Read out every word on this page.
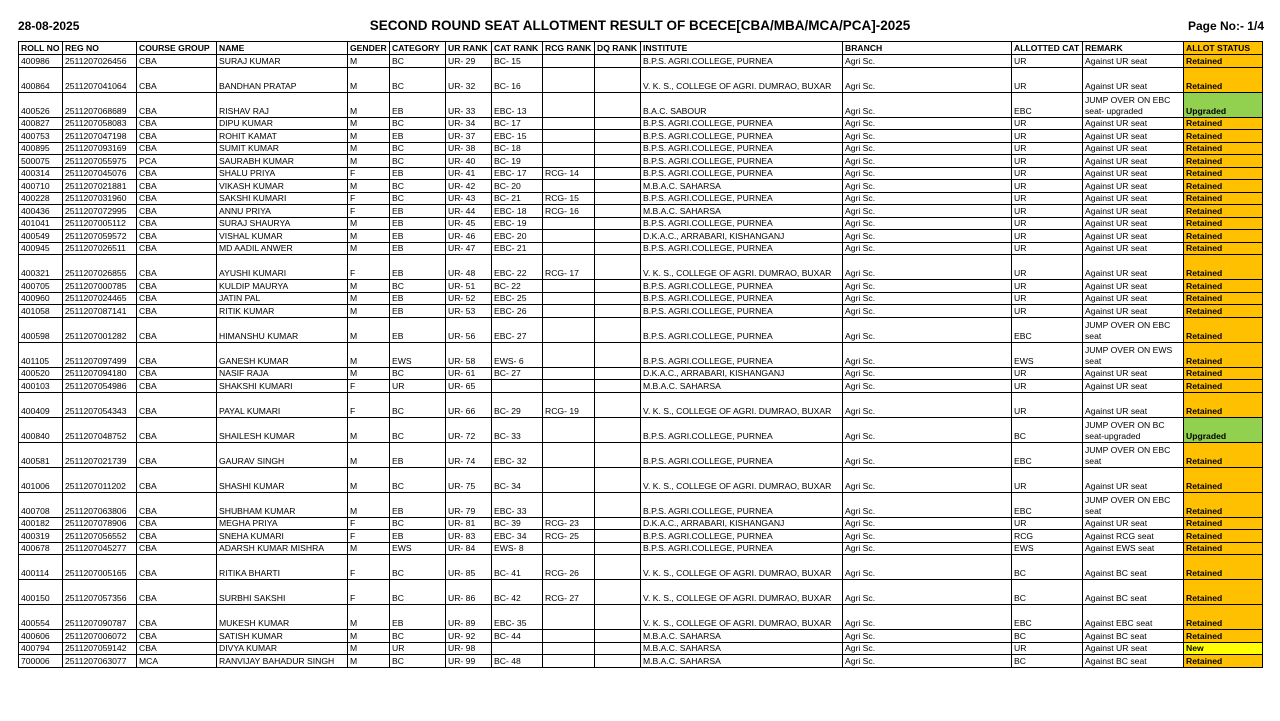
28-08-2025	SECOND ROUND SEAT ALLOTMENT RESULT OF BCECE[CBA/MBA/MCA/PCA]-2025	Page No:- 1/4
ROLL NO	REG NO	COURSE GROUP	NAME	GENDER	CATEGORY	UR RANK	CAT RANK	RCG RANK	DQ RANK	INSTITUTE	BRANCH	ALLOTTED CAT	REMARK	ALLOT STATUS
400986	2511207026456	CBA	SURAJ KUMAR	M	BC	UR- 29	BC- 15			B.P.S. AGRI.COLLEGE, PURNEA	Agri Sc.	UR	Against UR seat	Retained
400864	2511207041064	CBA	BANDHAN PRATAP	M	BC	UR- 32	BC- 16			V. K. S., COLLEGE OF AGRI. DUMRAO, BUXAR	Agri Sc.	UR	Against UR seat	Retained
400526	2511207068689	CBA	RISHAV RAJ	M	EB	UR- 33	EBC- 13			B.A.C. SABOUR	Agri Sc.	EBC	JUMP OVER ON EBC seat- upgraded	Upgraded
400827	2511207058083	CBA	DIPU KUMAR	M	BC	UR- 34	BC- 17			B.P.S. AGRI.COLLEGE, PURNEA	Agri Sc.	UR	Against UR seat	Retained
400753	2511207047198	CBA	ROHIT KAMAT	M	EB	UR- 37	EBC- 15			B.P.S. AGRI.COLLEGE, PURNEA	Agri Sc.	UR	Against UR seat	Retained
400895	2511207093169	CBA	SUMIT KUMAR	M	BC	UR- 38	BC- 18			B.P.S. AGRI.COLLEGE, PURNEA	Agri Sc.	UR	Against UR seat	Retained
500075	2511207055975	PCA	SAURABH KUMAR	M	BC	UR- 40	BC- 19			B.P.S. AGRI.COLLEGE, PURNEA	Agri Sc.	UR	Against UR seat	Retained
400314	2511207045076	CBA	SHALU PRIYA	F	EB	UR- 41	EBC- 17	RCG- 14		B.P.S. AGRI.COLLEGE, PURNEA	Agri Sc.	UR	Against UR seat	Retained
400710	2511207021881	CBA	VIKASH KUMAR	M	BC	UR- 42	BC- 20			M.B.A.C. SAHARSA	Agri Sc.	UR	Against UR seat	Retained
400228	2511207031960	CBA	SAKSHI KUMARI	F	BC	UR- 43	BC- 21	RCG- 15		B.P.S. AGRI.COLLEGE, PURNEA	Agri Sc.	UR	Against UR seat	Retained
400436	2511207072995	CBA	ANNU PRIYA	F	EB	UR- 44	EBC- 18	RCG- 16		M.B.A.C. SAHARSA	Agri Sc.	UR	Against UR seat	Retained
401041	2511207005112	CBA	SURAJ SHAURYA	M	EB	UR- 45	EBC- 19			B.P.S. AGRI.COLLEGE, PURNEA	Agri Sc.	UR	Against UR seat	Retained
400549	2511207059572	CBA	VISHAL KUMAR	M	EB	UR- 46	EBC- 20			D.K.A.C., ARRABARI, KISHANGANJ	Agri Sc.	UR	Against UR seat	Retained
400945	2511207026511	CBA	MD AADIL ANWER	M	EB	UR- 47	EBC- 21			B.P.S. AGRI.COLLEGE, PURNEA	Agri Sc.	UR	Against UR seat	Retained
400321	2511207026855	CBA	AYUSHI KUMARI	F	EB	UR- 48	EBC- 22	RCG- 17		V. K. S., COLLEGE OF AGRI. DUMRAO, BUXAR	Agri Sc.	UR	Against UR seat	Retained
400705	2511207000785	CBA	KULDIP MAURYA	M	BC	UR- 51	BC- 22			B.P.S. AGRI.COLLEGE, PURNEA	Agri Sc.	UR	Against UR seat	Retained
400960	2511207024465	CBA	JATIN PAL	M	EB	UR- 52	EBC- 25			B.P.S. AGRI.COLLEGE, PURNEA	Agri Sc.	UR	Against UR seat	Retained
401058	2511207087141	CBA	RITIK KUMAR	M	EB	UR- 53	EBC- 26			B.P.S. AGRI.COLLEGE, PURNEA	Agri Sc.	UR	Against UR seat	Retained
400598	2511207001282	CBA	HIMANSHU KUMAR	M	EB	UR- 56	EBC- 27			B.P.S. AGRI.COLLEGE, PURNEA	Agri Sc.	EBC	JUMP OVER ON EBC seat	Retained
401105	2511207097499	CBA	GANESH KUMAR	M	EWS	UR- 58	EWS- 6			B.P.S. AGRI.COLLEGE, PURNEA	Agri Sc.	EWS	JUMP OVER ON EWS seat	Retained
400520	2511207094180	CBA	NASIF RAJA	M	BC	UR- 61	BC- 27			D.K.A.C., ARRABARI, KISHANGANJ	Agri Sc.	UR	Against UR seat	Retained
400103	2511207054986	CBA	SHAKSHI KUMARI	F	UR	UR- 65				M.B.A.C. SAHARSA	Agri Sc.	UR	Against UR seat	Retained
400409	2511207054343	CBA	PAYAL KUMARI	F	BC	UR- 66	BC- 29	RCG- 19		V. K. S., COLLEGE OF AGRI. DUMRAO, BUXAR	Agri Sc.	UR	Against UR seat	Retained
400840	2511207048752	CBA	SHAILESH KUMAR	M	BC	UR- 72	BC- 33			B.P.S. AGRI.COLLEGE, PURNEA	Agri Sc.	BC	JUMP OVER ON BC seat-upgraded	Upgraded
400581	2511207021739	CBA	GAURAV SINGH	M	EB	UR- 74	EBC- 32			B.P.S. AGRI.COLLEGE, PURNEA	Agri Sc.	EBC	JUMP OVER ON EBC seat	Retained
401006	2511207011202	CBA	SHASHI KUMAR	M	BC	UR- 75	BC- 34			V. K. S., COLLEGE OF AGRI. DUMRAO, BUXAR	Agri Sc.	UR	Against UR seat	Retained
400708	2511207063806	CBA	SHUBHAM KUMAR	M	EB	UR- 79	EBC- 33			B.P.S. AGRI.COLLEGE, PURNEA	Agri Sc.	EBC	JUMP OVER ON EBC seat	Retained
400182	2511207078906	CBA	MEGHA PRIYA	F	BC	UR- 81	BC- 39	RCG- 23		D.K.A.C., ARRABARI, KISHANGANJ	Agri Sc.	UR	Against UR seat	Retained
400319	2511207056552	CBA	SNEHA KUMARI	F	EB	UR- 83	EBC- 34	RCG- 25		B.P.S. AGRI.COLLEGE, PURNEA	Agri Sc.	RCG	Against RCG seat	Retained
400678	2511207045277	CBA	ADARSH KUMAR MISHRA	M	EWS	UR- 84	EWS- 8			B.P.S. AGRI.COLLEGE, PURNEA	Agri Sc.	EWS	Against EWS seat	Retained
400114	2511207005165	CBA	RITIKA BHARTI	F	BC	UR- 85	BC- 41	RCG- 26		V. K. S., COLLEGE OF AGRI. DUMRAO, BUXAR	Agri Sc.	BC	Against BC seat	Retained
400150	2511207057356	CBA	SURBHI SAKSHI	F	BC	UR- 86	BC- 42	RCG- 27		V. K. S., COLLEGE OF AGRI. DUMRAO, BUXAR	Agri Sc.	BC	Against BC seat	Retained
400554	2511207090787	CBA	MUKESH KUMAR	M	EB	UR- 89	EBC- 35			V. K. S., COLLEGE OF AGRI. DUMRAO, BUXAR	Agri Sc.	EBC	Against EBC seat	Retained
400606	2511207006072	CBA	SATISH KUMAR	M	BC	UR- 92	BC- 44			M.B.A.C. SAHARSA	Agri Sc.	BC	Against BC seat	Retained
400794	2511207059142	CBA	DIVYA KUMAR	M	UR	UR- 98				M.B.A.C. SAHARSA	Agri Sc.	UR	Against UR seat	New
700006	2511207063077	MCA	RANVIJAY BAHADUR SINGH	M	BC	UR- 99	BC- 48			M.B.A.C. SAHARSA	Agri Sc.	BC	Against BC seat	Retained
